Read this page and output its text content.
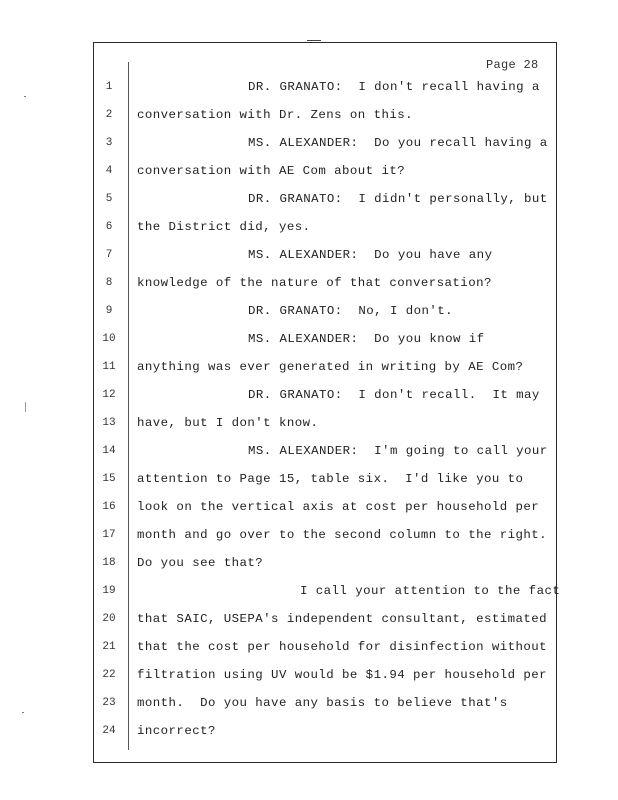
Page 28
1	DR. GRANATO:  I don't recall having a
2	conversation with Dr. Zens on this.
3	MS. ALEXANDER:  Do you recall having a
4	conversation with AE Com about it?
5	DR. GRANATO:  I didn't personally, but
6	the District did, yes.
7	MS. ALEXANDER:  Do you have any
8	knowledge of the nature of that conversation?
9	DR. GRANATO:  No, I don't.
10	MS. ALEXANDER:  Do you know if
11 anything was ever generated in writing by AE Com?
12	DR. GRANATO:  I don't recall.  It may
13 have, but I don't know.
14	MS. ALEXANDER:  I'm going to call your
15 attention to Page 15, table six.  I'd like you to
16 look on the vertical axis at cost per household per
17 month and go over to the second column to the right.
18 Do you see that?
19	I call your attention to the fact
20 that SAIC, USEPA's independent consultant, estimated
21 that the cost per household for disinfection without
22 filtration using UV would be $1.94 per household per
23 month.  Do you have any basis to believe that's
24 incorrect?
